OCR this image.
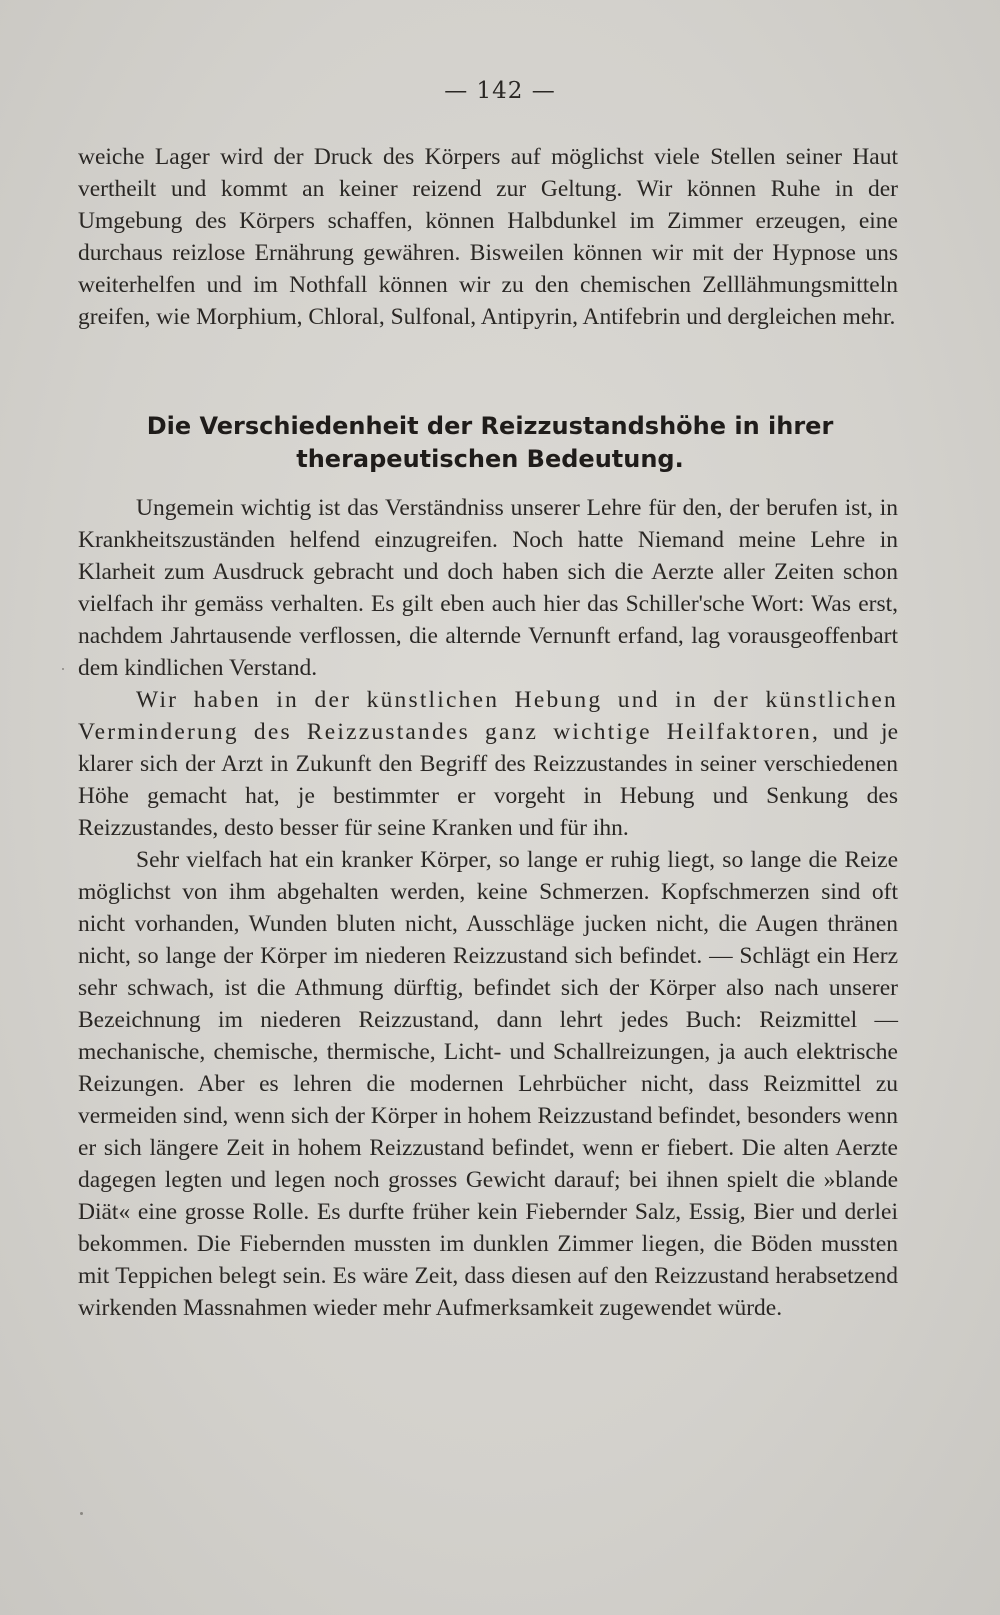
— 142 —

weiche Lager wird der Druck des Körpers auf möglichst viele Stellen seiner Haut vertheilt und kommt an keiner reizend zur Geltung. Wir können Ruhe in der Umgebung des Körpers schaffen, können Halbdunkel im Zimmer erzeugen, eine durchaus reizlose Ernährung gewähren. Bisweilen können wir mit der Hypnose uns weiterhelfen und im Nothfall können wir zu den chemischen Zelllähmungsmitteln greifen, wie Morphium, Chloral, Sulfonal, Antipyrin, Antifebrin und dergleichen mehr.

Die Verschiedenheit der Reizzustandshöhe in ihrer
therapeutischen Bedeutung.

Ungemein wichtig ist das Verständniss unserer Lehre für den, der berufen ist, in Krankheitszuständen helfend einzugreifen. Noch hatte Niemand meine Lehre in Klarheit zum Ausdruck gebracht und doch haben sich die Aerzte aller Zeiten schon vielfach ihr gemäss verhalten. Es gilt eben auch hier das Schiller'sche Wort: Was erst, nachdem Jahrtausende verflossen, die alternde Vernunft erfand, lag vorausgeoffenbart dem kindlichen Verstand.

Wir haben in der künstlichen Hebung und in der künstlichen Verminderung des Reizzustandes ganz wichtige Heilfaktoren, und je klarer sich der Arzt in Zukunft den Begriff des Reizzustandes in seiner verschiedenen Höhe gemacht hat, je bestimmter er vorgeht in Hebung und Senkung des Reizzustandes, desto besser für seine Kranken und für ihn.

Sehr vielfach hat ein kranker Körper, so lange er ruhig liegt, so lange die Reize möglichst von ihm abgehalten werden, keine Schmerzen. Kopfschmerzen sind oft nicht vorhanden, Wunden bluten nicht, Ausschläge jucken nicht, die Augen thränen nicht, so lange der Körper im niederen Reizzustand sich befindet. — Schlägt ein Herz sehr schwach, ist die Athmung dürftig, befindet sich der Körper also nach unserer Bezeichnung im niederen Reizzustand, dann lehrt jedes Buch: Reizmittel — mechanische, chemische, thermische, Licht- und Schallreizungen, ja auch elektrische Reizungen. Aber es lehren die modernen Lehrbücher nicht, dass Reizmittel zu vermeiden sind, wenn sich der Körper in hohem Reizzustand befindet, besonders wenn er sich längere Zeit in hohem Reizzustand befindet, wenn er fiebert. Die alten Aerzte dagegen legten und legen noch grosses Gewicht darauf; bei ihnen spielt die »blande Diät« eine grosse Rolle. Es durfte früher kein Fiebernder Salz, Essig, Bier und derlei bekommen. Die Fiebernden mussten im dunklen Zimmer liegen, die Böden mussten mit Teppichen belegt sein. Es wäre Zeit, dass diesen auf den Reizzustand herabsetzend wirkenden Massnahmen wieder mehr Aufmerksamkeit zugewendet würde.
